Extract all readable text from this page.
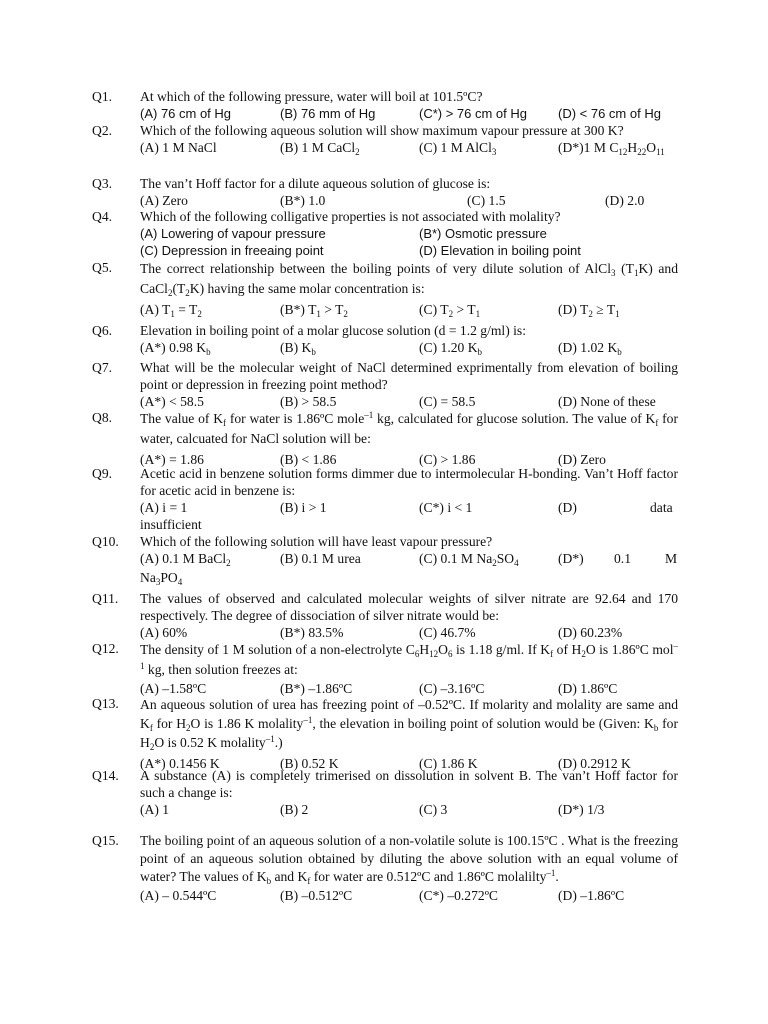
Q1. At which of the following pressure, water will boil at 101.5ºC?
(A) 76 cm of Hg	(B) 76 mm of Hg	(C*) > 76 cm of Hg (D) < 76 cm of Hg
Q2. Which of the following aqueous solution will show maximum vapour pressure at 300 K?
(A) 1 M NaCl	(B) 1 M CaCl$_2$	(C) 1 M AlCl$_3$	(D*)1 M $C_{12}H_{22}O_{11}$
Q3. The van’t Hoff factor for a dilute aqueous solution of glucose is:
(A) Zero	(B*) 1.0	(C) 1.5	(D) 2.0
Q4. Which of the following colligative properties is not associated with molality?
(A) Lowering of vapour pressure	(B*) Osmotic pressure
(C) Depression in freeaing point	(D) Elevation in boiling point
Q5. The correct relationship between the boiling points of very dilute solution of AlCl$_3$ $(T_1K)$ and $CaCl_2(T_2K)$ having the same molar concentration is:
(A) $T_1 = T_2$	(B*) $T_1 > T_2$	(C) $T_2 > T_1$	(D) $T_2 \ge T_1$
Q6. Elevation in boiling point of a molar glucose solution (d = 1.2 g/ml) is:
(A*) 0.98 $K_b$	(B) $K_b$	(C) 1.20 $K_b$	(D) 1.02 $K_b$
Q7. What will be the molecular weight of NaCl determined exprimentally from elevation of boiling point or depression in freezing point method?
(A*) < 58.5	(B) > 58.5	(C) = 58.5	(D) None of these
Q8. The value of $K_f$ for water is 1.86ºC mole$^{-1}$ kg, calculated for glucose solution. The value of $K_f$ for water, calcuated for NaCl solution will be:
(A*) = 1.86	(B) < 1.86	(C) > 1.86	(D) Zero
Q9. Acetic acid in benzene solution forms dimmer due to intermolecular H-bonding. Van’t Hoff factor for acetic acid in benzene is:
(A) i = 1	(B) i > 1	(C*) i < 1	(D)	data
insufficient
Q10. Which of the following solution will have least vapour pressure?
(A) 0.1 M BaCl$_2$	(B) 0.1 M urea	(C) 0.1 M $Na_2SO_4$	(D*) 0.1	M
$Na_3PO_4$
Q11. The values of observed and calculated molecular weights of silver nitrate are 92.64 and 170 respectively. The degree of dissociation of silver nitrate would be:
(A) 60%	(B*) 83.5%	(C) 46.7%	(D) 60.23%
Q12. The density of 1 M solution of a non-electrolyte $C_6H_{12}O_6$ is 1.18 g/ml. If $K_f$ of $H_2O$ is 1.86ºC mol$^{-1}$ kg, then solution freezes at:
(A) –1.58ºC	(B*) –1.86ºC	(C) –3.16ºC	(D) 1.86ºC
Q13. An aqueous solution of urea has freezing point of –0.52ºC. If molarity and molality are same and $K_f$ for $H_2O$ is 1.86 K molality$^{-1}$, the elevation in boiling point of solution would be (Given: $K_b$ for $H_2O$ is 0.52 K molality$^{-1}$.)
(A*) 0.1456 K	(B) 0.52 K	(C) 1.86 K	(D) 0.2912 K
Q14. A substance (A) is completely trimerised on dissolution in solvent B. The van’t Hoff factor for such a change is:
(A) 1	(B) 2	(C) 3	(D*) 1/3
Q15. The boiling point of an aqueous solution of a non-volatile solute is 100.15ºC . What is the freezing point of an aqueous solution obtained by diluting the above solution with an equal volume of water? The values of $K_b$ and $K_f$ for water are 0.512ºC and 1.86ºC molalilty$^{-1}$.
(A) – 0.544ºC	(B) –0.512ºC	(C*) –0.272ºC	(D) –1.86ºC
